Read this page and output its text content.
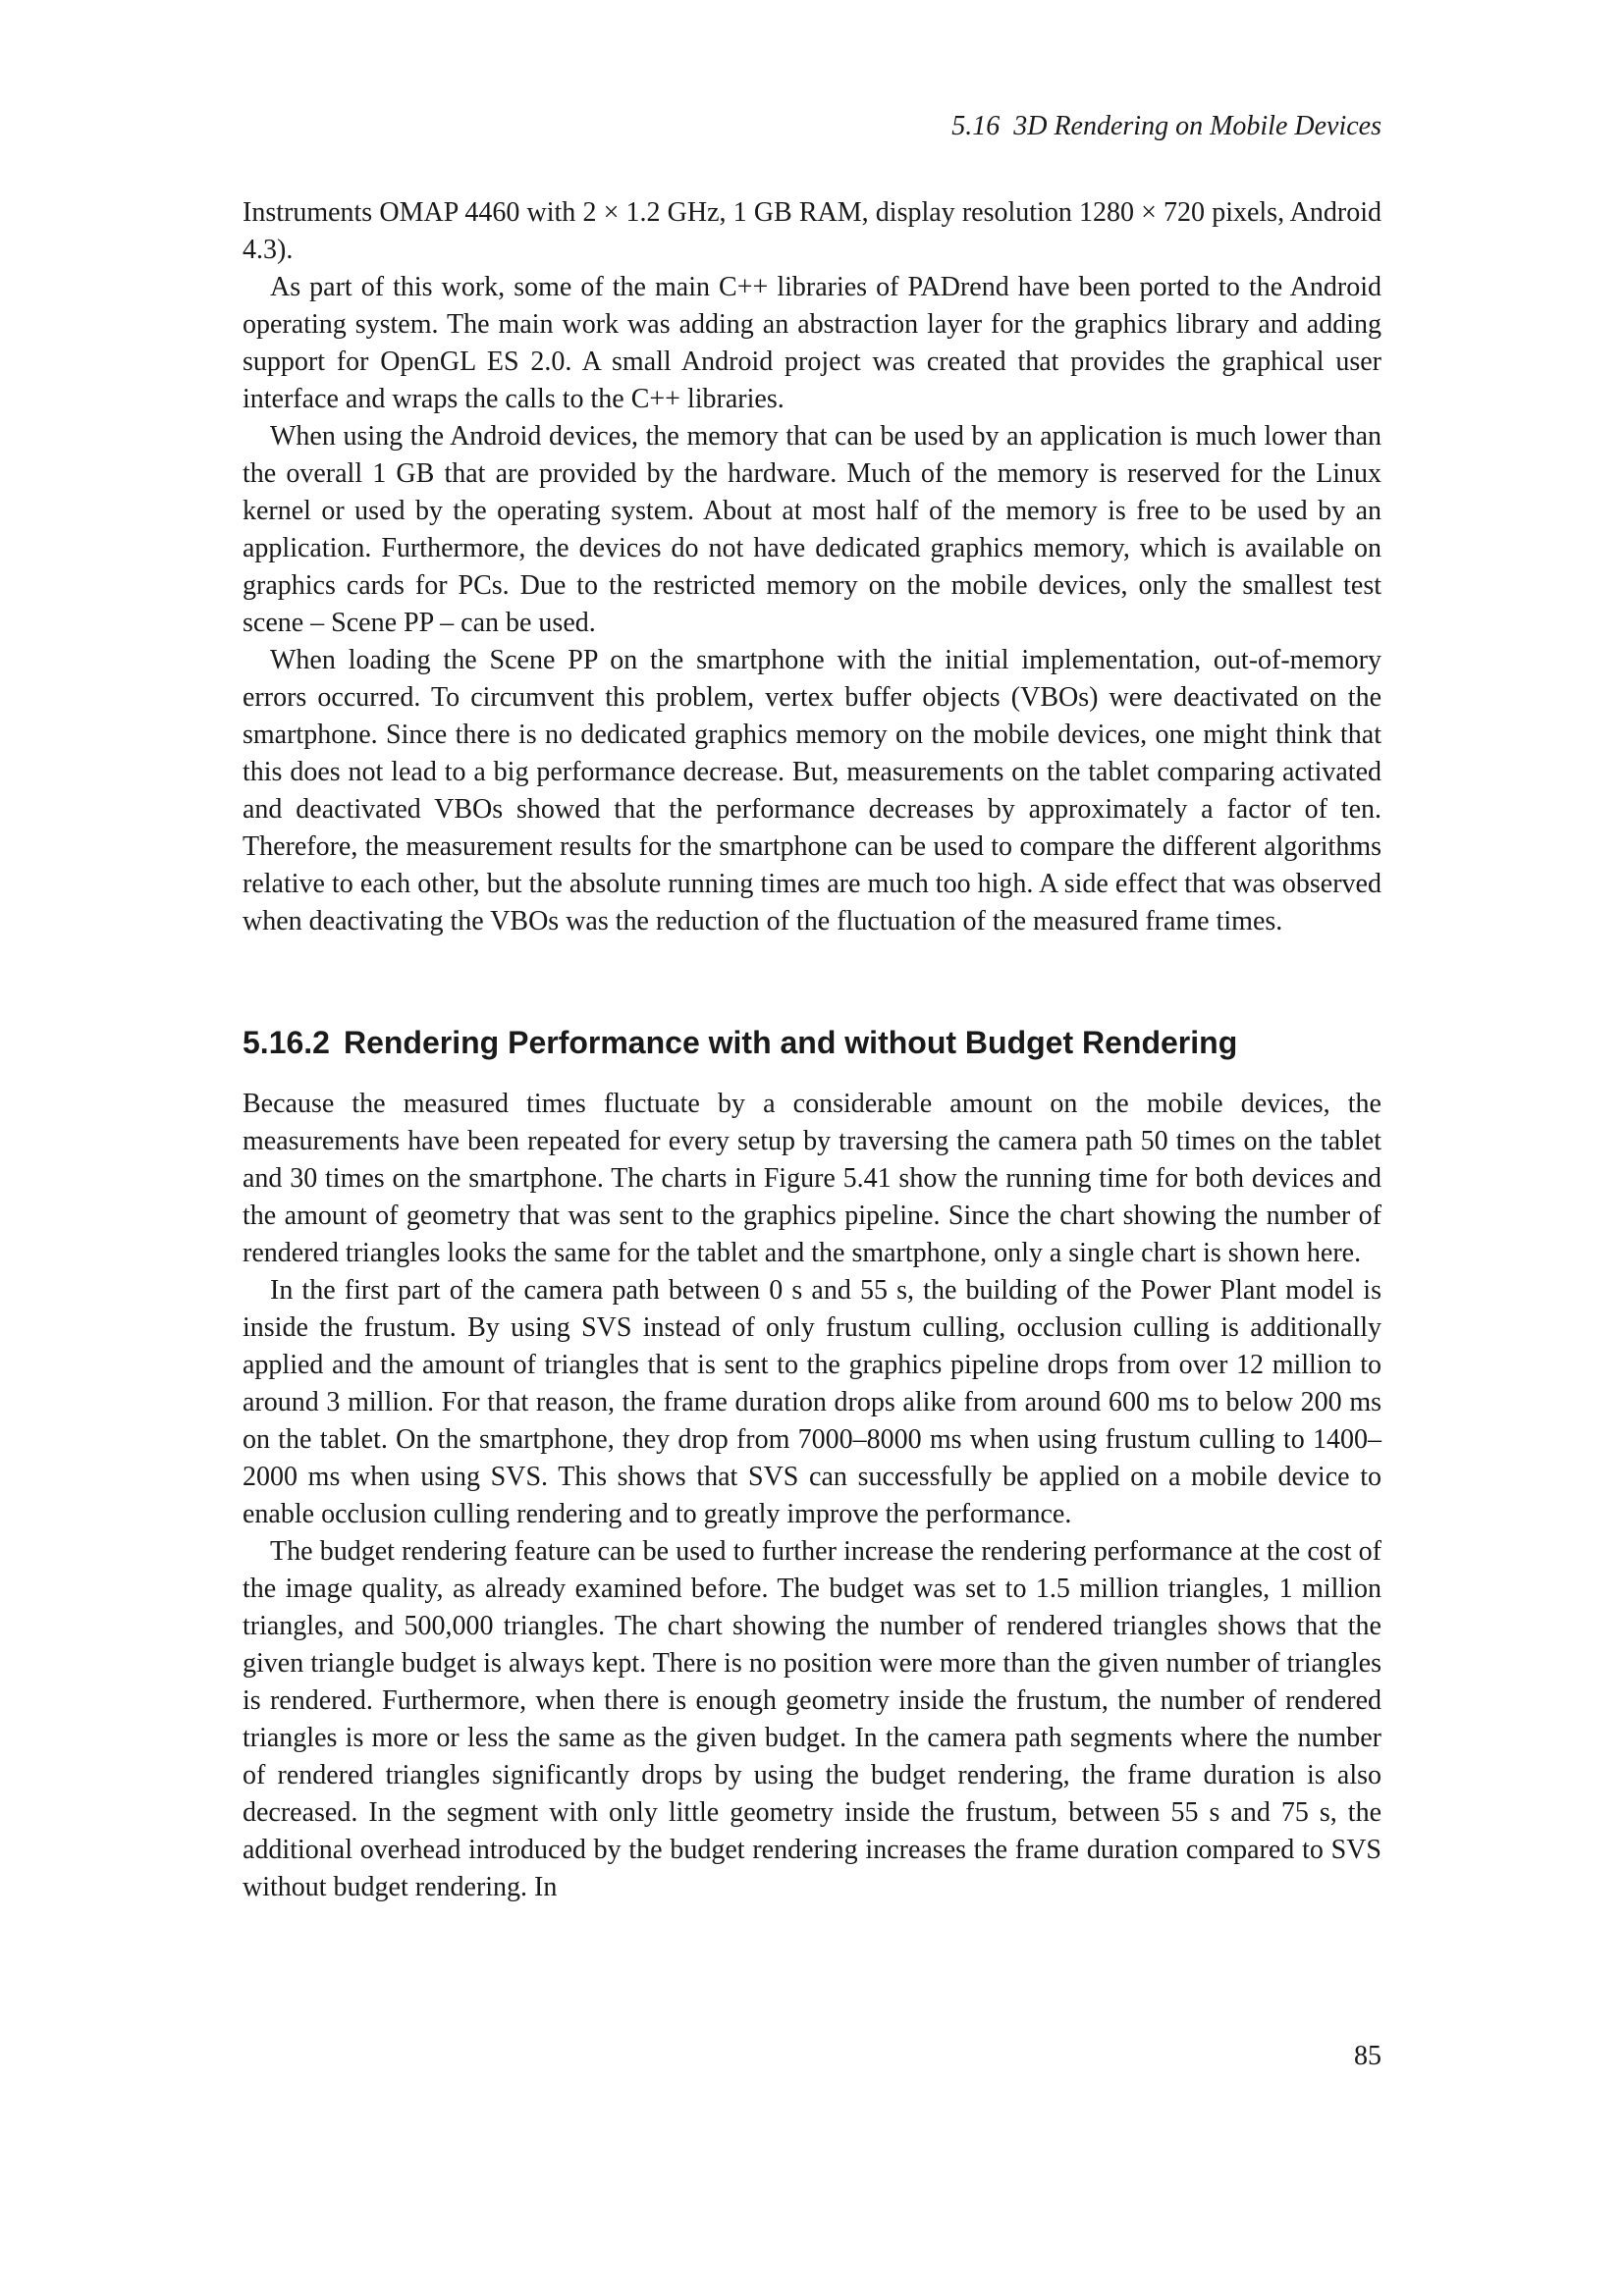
5.16 3D Rendering on Mobile Devices

Instruments OMAP 4460 with 2 × 1.2 GHz, 1 GB RAM, display resolution 1280 × 720 pixels, Android 4.3).

As part of this work, some of the main C++ libraries of PADrend have been ported to the Android operating system. The main work was adding an abstraction layer for the graphics library and adding support for OpenGL ES 2.0. A small Android project was created that provides the graphical user interface and wraps the calls to the C++ libraries.

When using the Android devices, the memory that can be used by an application is much lower than the overall 1 GB that are provided by the hardware. Much of the memory is reserved for the Linux kernel or used by the operating system. About at most half of the memory is free to be used by an application. Furthermore, the devices do not have dedicated graphics memory, which is available on graphics cards for PCs. Due to the restricted memory on the mobile devices, only the smallest test scene – Scene PP – can be used.

When loading the Scene PP on the smartphone with the initial implementation, out-of-memory errors occurred. To circumvent this problem, vertex buffer objects (VBOs) were deactivated on the smartphone. Since there is no dedicated graphics memory on the mobile devices, one might think that this does not lead to a big performance decrease. But, measurements on the tablet comparing activated and deactivated VBOs showed that the performance decreases by approximately a factor of ten. Therefore, the measurement results for the smartphone can be used to compare the different algorithms relative to each other, but the absolute running times are much too high. A side effect that was observed when deactivating the VBOs was the reduction of the fluctuation of the measured frame times.

5.16.2 Rendering Performance with and without Budget Rendering

Because the measured times fluctuate by a considerable amount on the mobile devices, the measurements have been repeated for every setup by traversing the camera path 50 times on the tablet and 30 times on the smartphone. The charts in Figure 5.41 show the running time for both devices and the amount of geometry that was sent to the graphics pipeline. Since the chart showing the number of rendered triangles looks the same for the tablet and the smartphone, only a single chart is shown here.

In the first part of the camera path between 0 s and 55 s, the building of the Power Plant model is inside the frustum. By using SVS instead of only frustum culling, occlusion culling is additionally applied and the amount of triangles that is sent to the graphics pipeline drops from over 12 million to around 3 million. For that reason, the frame duration drops alike from around 600 ms to below 200 ms on the tablet. On the smartphone, they drop from 7000–8000 ms when using frustum culling to 1400–2000 ms when using SVS. This shows that SVS can successfully be applied on a mobile device to enable occlusion culling rendering and to greatly improve the performance.

The budget rendering feature can be used to further increase the rendering performance at the cost of the image quality, as already examined before. The budget was set to 1.5 million triangles, 1 million triangles, and 500,000 triangles. The chart showing the number of rendered triangles shows that the given triangle budget is always kept. There is no position were more than the given number of triangles is rendered. Furthermore, when there is enough geometry inside the frustum, the number of rendered triangles is more or less the same as the given budget. In the camera path segments where the number of rendered triangles significantly drops by using the budget rendering, the frame duration is also decreased. In the segment with only little geometry inside the frustum, between 55 s and 75 s, the additional overhead introduced by the budget rendering increases the frame duration compared to SVS without budget rendering. In

85
